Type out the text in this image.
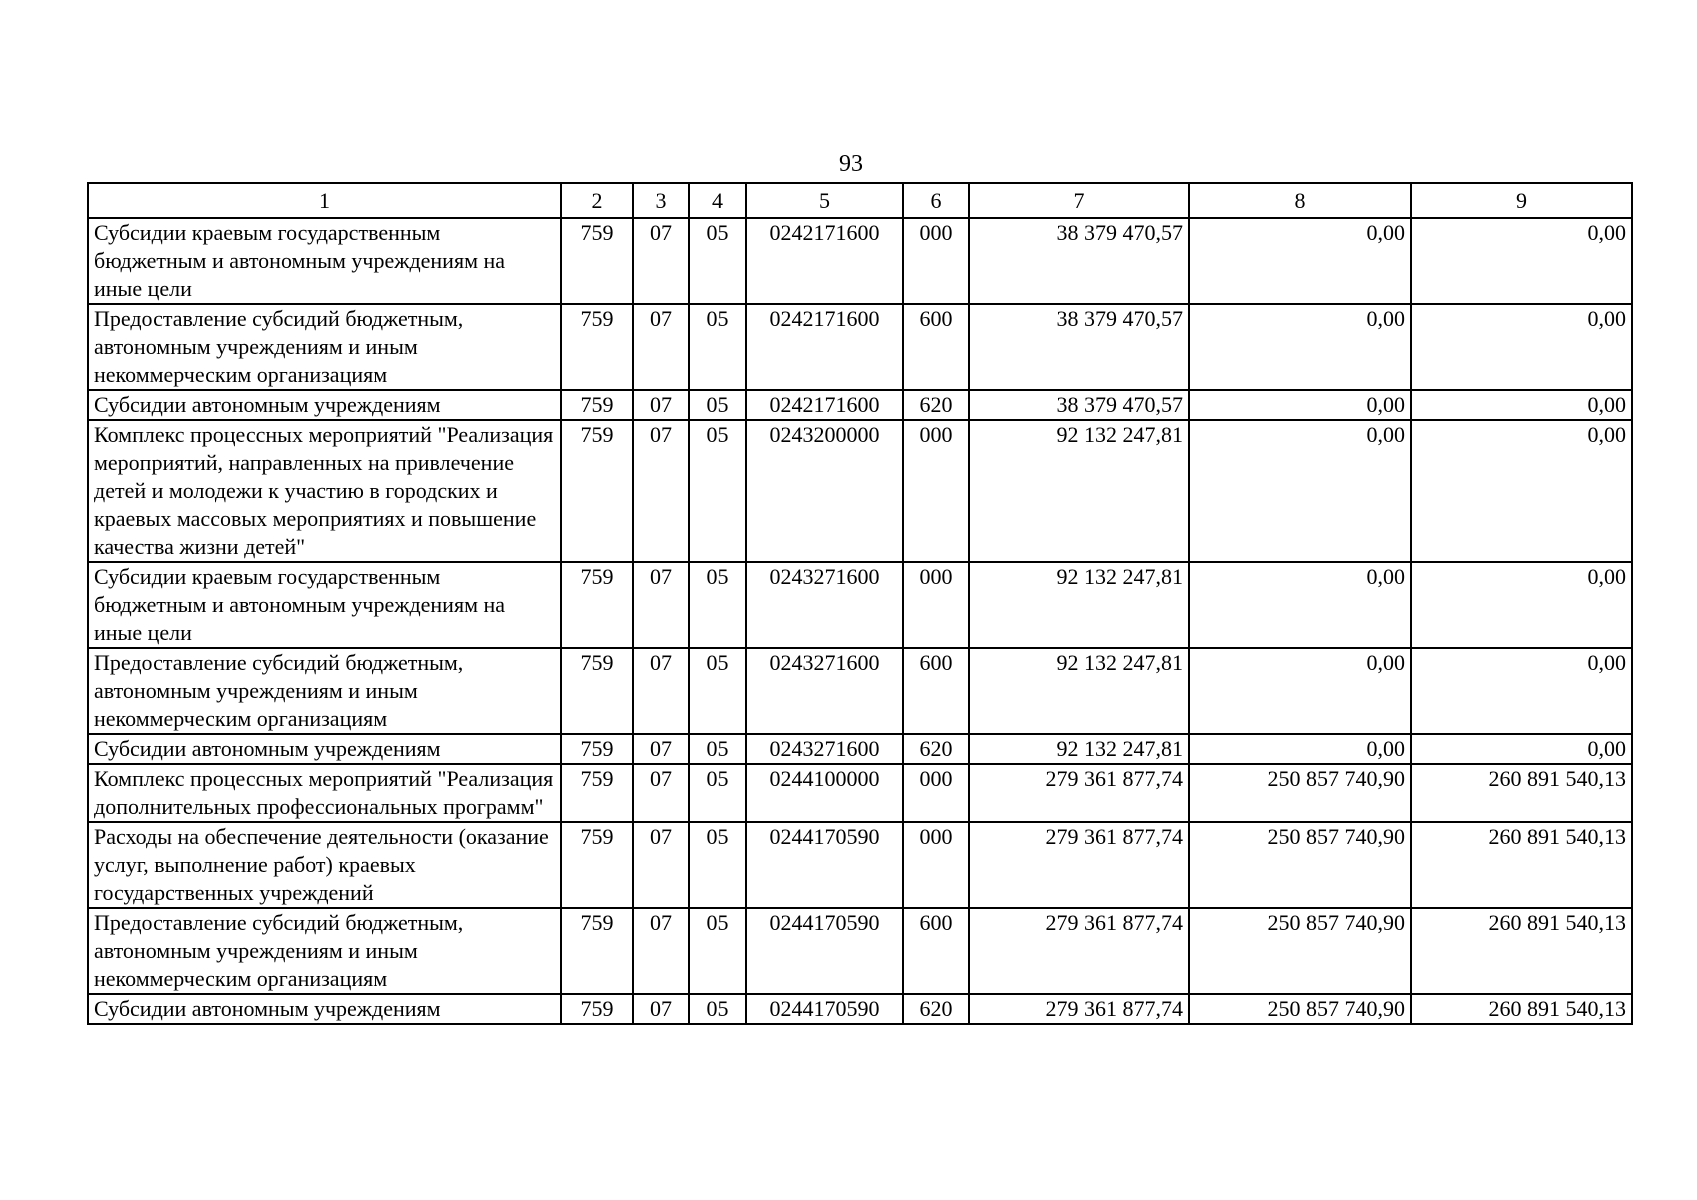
93
1	2	3	4	5	6	7	8	9

Субсидии краевым государственным бюджетным и автономным учреждениям на иные цели	759	07	05	0242171600	000	38 379 470,57	0,00	0,00

Предоставление субсидий бюджетным, автономным учреждениям и иным некоммерческим организациям	759	07	05	0242171600	600	38 379 470,57	0,00	0,00

Субсидии автономным учреждениям	759	07	05	0242171600	620	38 379 470,57	0,00	0,00

Комплекс процессных мероприятий "Реализация мероприятий, направленных на привлечение детей и молодежи к участию в городских и краевых массовых мероприятиях и повышение качества жизни детей"	759	07	05	0243200000	000	92 132 247,81	0,00	0,00

Субсидии краевым государственным бюджетным и автономным учреждениям на иные цели	759	07	05	0243271600	000	92 132 247,81	0,00	0,00

Предоставление субсидий бюджетным, автономным учреждениям и иным некоммерческим организациям	759	07	05	0243271600	600	92 132 247,81	0,00	0,00

Субсидии автономным учреждениям	759	07	05	0243271600	620	92 132 247,81	0,00	0,00

Комплекс процессных мероприятий "Реализация дополнительных профессиональных программ"	759	07	05	0244100000	000	279 361 877,74	250 857 740,90	260 891 540,13

Расходы на обеспечение деятельности (оказание услуг, выполнение работ) краевых государственных учреждений	759	07	05	0244170590	000	279 361 877,74	250 857 740,90	260 891 540,13

Предоставление субсидий бюджетным, автономным учреждениям и иным некоммерческим организациям	759	07	05	0244170590	600	279 361 877,74	250 857 740,90	260 891 540,13

Субсидии автономным учреждениям	759	07	05	0244170590	620	279 361 877,74	250 857 740,90	260 891 540,13
